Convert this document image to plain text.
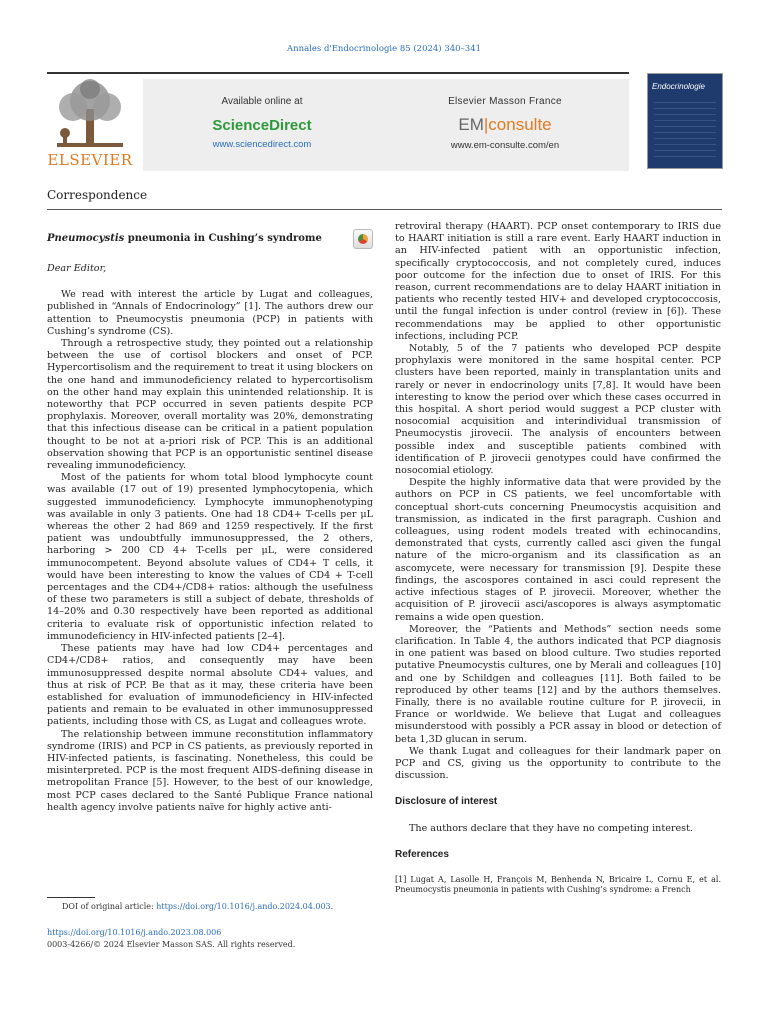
Annales d'Endocrinologie 85 (2024) 340–341
ELSEVIER
Available online at
ScienceDirect
www.sciencedirect.com
Elsevier Masson France
EM|consulte
www.em-consulte.com/en
Endocrinologie
Correspondence
Pneumocystis pneumonia in Cushing’s syndrome
Dear Editor,

We read with interest the article by Lugat and colleagues, published in “Annals of Endocrinology” [1]. The authors drew our attention to Pneumocystis pneumonia (PCP) in patients with Cushing’s syndrome (CS).

Through a retrospective study, they pointed out a relationship between the use of cortisol blockers and onset of PCP. Hypercortisolism and the requirement to treat it using blockers on the one hand and immunodeficiency related to hypercortisolism on the other hand may explain this unintended relationship. It is noteworthy that PCP occurred in seven patients despite PCP prophylaxis. Moreover, overall mortality was 20%, demonstrating that this infectious disease can be critical in a patient population thought to be not at a-priori risk of PCP. This is an additional observation showing that PCP is an opportunistic sentinel disease revealing immunodeficiency.

Most of the patients for whom total blood lymphocyte count was available (17 out of 19) presented lymphocytopenia, which suggested immunodeficiency. Lymphocyte immunophenotyping was available in only 3 patients. One had 18 CD4+ T-cells per μL whereas the other 2 had 869 and 1259 respectively. If the first patient was undoubtfully immunosuppressed, the 2 others, harboring > 200 CD 4+ T-cells per μL, were considered immunocompetent. Beyond absolute values of CD4+ T cells, it would have been interesting to know the values of CD4 + T-cell percentages and the CD4+/CD8+ ratios: although the usefulness of these two parameters is still a subject of debate, thresholds of 14–20% and 0.30 respectively have been reported as additional criteria to evaluate risk of opportunistic infection related to immunodeficiency in HIV-infected patients [2–4].

These patients may have had low CD4+ percentages and CD4+/CD8+ ratios, and consequently may have been immunosuppressed despite normal absolute CD4+ values, and thus at risk of PCP. Be that as it may, these criteria have been established for evaluation of immunodeficiency in HIV-infected patients and remain to be evaluated in other immunosuppressed patients, including those with CS, as Lugat and colleagues wrote.

The relationship between immune reconstitution inflammatory syndrome (IRIS) and PCP in CS patients, as previously reported in HIV-infected patients, is fascinating. Nonetheless, this could be misinterpreted. PCP is the most frequent AIDS-defining disease in metropolitan France [5]. However, to the best of our knowledge, most PCP cases declared to the Santé Publique France national health agency involve patients naïve for highly active anti-

retroviral therapy (HAART). PCP onset contemporary to IRIS due to HAART initiation is still a rare event. Early HAART induction in an HIV-infected patient with an opportunistic infection, specifically cryptococcosis, and not completely cured, induces poor outcome for the infection due to onset of IRIS. For this reason, current recommendations are to delay HAART initiation in patients who recently tested HIV+ and developed cryptococcosis, until the fungal infection is under control (review in [6]). These recommendations may be applied to other opportunistic infections, including PCP.

Notably, 5 of the 7 patients who developed PCP despite prophylaxis were monitored in the same hospital center. PCP clusters have been reported, mainly in transplantation units and rarely or never in endocrinology units [7,8]. It would have been interesting to know the period over which these cases occurred in this hospital. A short period would suggest a PCP cluster with nosocomial acquisition and interindividual transmission of Pneumocystis jirovecii. The analysis of encounters between possible index and susceptible patients combined with identification of P. jirovecii genotypes could have confirmed the nosocomial etiology.

Despite the highly informative data that were provided by the authors on PCP in CS patients, we feel uncomfortable with conceptual short-cuts concerning Pneumocystis acquisition and transmission, as indicated in the first paragraph. Cushion and colleagues, using rodent models treated with echinocandins, demonstrated that cysts, currently called asci given the fungal nature of the micro-organism and its classification as an ascomycete, were necessary for transmission [9]. Despite these findings, the ascospores contained in asci could represent the active infectious stages of P. jirovecii. Moreover, whether the acquisition of P. jirovecii asci/ascopores is always asymptomatic remains a wide open question.

Moreover, the “Patients and Methods” section needs some clarification. In Table 4, the authors indicated that PCP diagnosis in one patient was based on blood culture. Two studies reported putative Pneumocystis cultures, one by Merali and colleagues [10] and one by Schildgen and colleagues [11]. Both failed to be reproduced by other teams [12] and by the authors themselves. Finally, there is no available routine culture for P. jirovecii, in France or worldwide. We believe that Lugat and colleagues misunderstood with possibly a PCR assay in blood or detection of beta 1,3D glucan in serum.

We thank Lugat and colleagues for their landmark paper on PCP and CS, giving us the opportunity to contribute to the discussion.

Disclosure of interest

The authors declare that they have no competing interest.

References

[1] Lugat A, Lasolle H, François M, Benhenda N, Bricaire L, Cornu E, et al. Pneumocystis pneumonia in patients with Cushing’s syndrome: a French

DOI of original article: https://doi.org/10.1016/j.ando.2024.04.003.
https://doi.org/10.1016/j.ando.2023.08.006
0003-4266/© 2024 Elsevier Masson SAS. All rights reserved.
